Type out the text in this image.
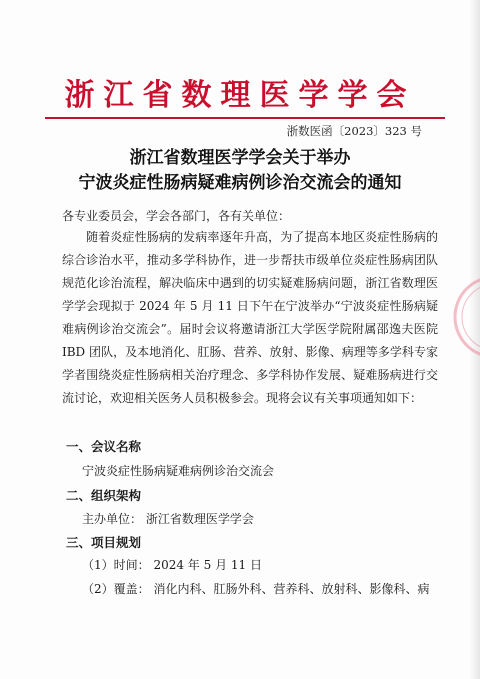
浙江省数理医学学会
浙数医函〔2023〕323 号
浙江省数理医学学会关于举办
宁波炎症性肠病疑难病例诊治交流会的通知
各专业委员会，学会各部门，各有关单位：

随着炎症性肠病的发病率逐年升高，为了提高本地区炎症性肠病的综合诊治水平，推动多学科协作，进一步帮扶市级单位炎症性肠病团队规范化诊治流程，解决临床中遇到的切实疑难肠病问题，浙江省数理医学学会现拟于 2024 年 5 月 11 日下午在宁波举办“宁波炎症性肠病疑难病例诊治交流会”。届时会议将邀请浙江大学医学院附属邵逸夫医院 IBD 团队，及本地消化、肛肠、营养、放射、影像、病理等多学科专家学者围绕炎症性肠病相关治疗理念、多学科协作发展、疑难肠病进行交流讨论，欢迎相关医务人员积极参会。现将会议有关事项通知如下：

一、会议名称
宁波炎症性肠病疑难病例诊治交流会
二、组织架构
主办单位： 浙江省数理医学学会
三、项目规划
（1）时间： 2024 年 5 月 11 日
（2）覆盖： 消化内科、肛肠外科、营养科、放射科、影像科、病
